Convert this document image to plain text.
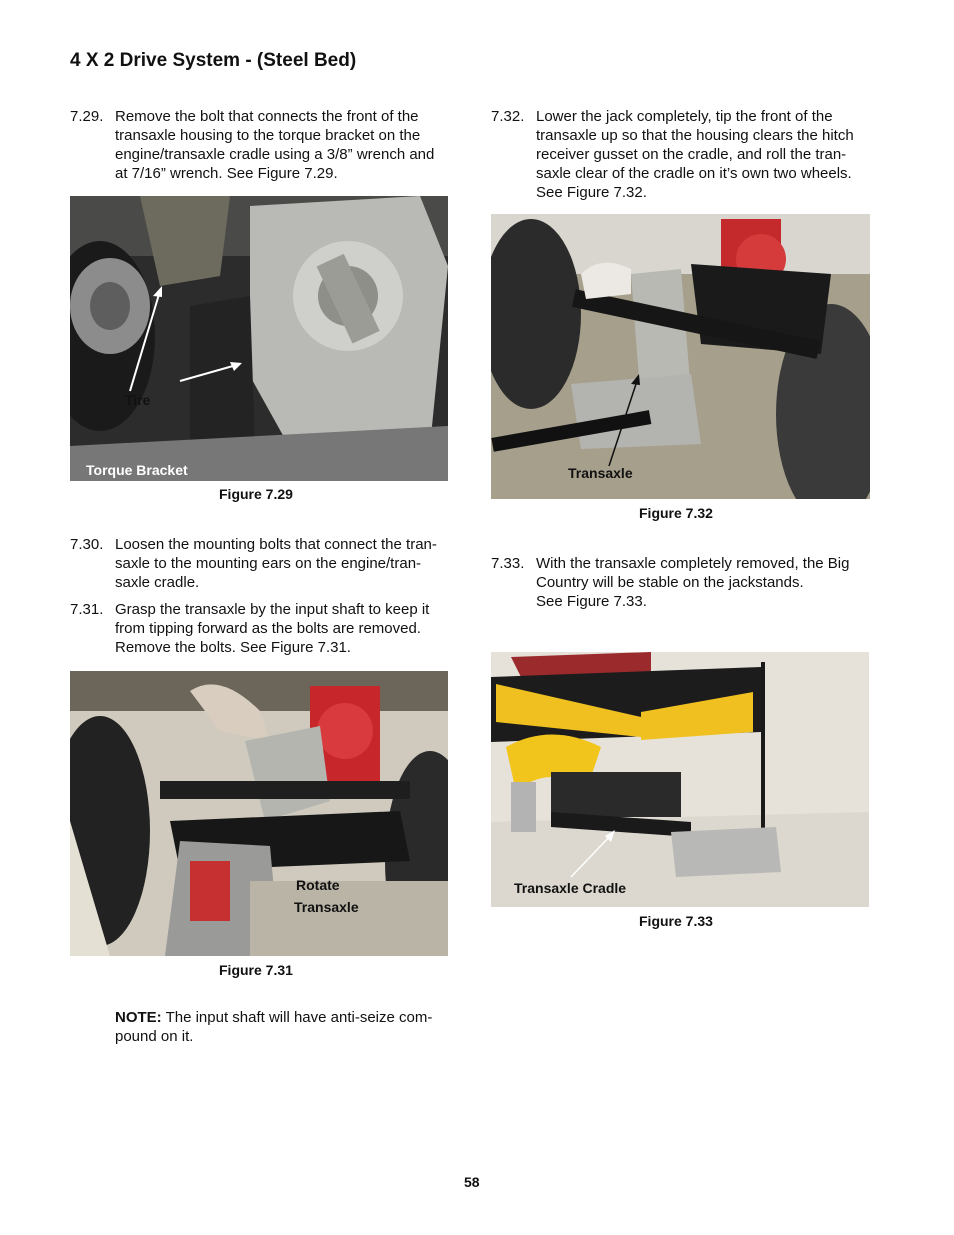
4 X 2 Drive System - (Steel Bed)
7.29. Remove the bolt that connects the front of the
transaxle housing to the torque bracket on the
engine/transaxle cradle using a 3/8” wrench and
at 7/16” wrench. See Figure 7.29.
Tire
Torque Bracket
Figure 7.29
7.30. Loosen the mounting bolts that connect the tran-
saxle to the mounting ears on the engine/tran-
saxle cradle.
7.31. Grasp the transaxle by the input shaft to keep it
from tipping forward as the bolts are removed.
Remove the bolts. See Figure 7.31.
Rotate
Transaxle
Figure 7.31
NOTE: The input shaft will have anti-seize com-
pound on it.
7.32. Lower the jack completely, tip the front of the
transaxle up so that the housing clears the hitch
receiver gusset on the cradle, and roll the tran-
saxle clear of the cradle on it’s own two wheels.
See Figure 7.32.
Transaxle
Figure 7.32
7.33. With the transaxle completely removed, the Big
Country will be stable on the jackstands.
See Figure 7.33.
Transaxle Cradle
Figure 7.33
58
